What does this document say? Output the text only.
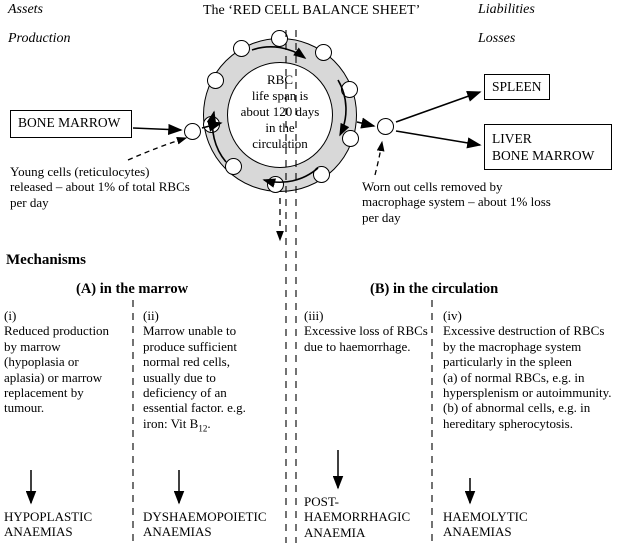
Assets
Production
Liabilities
Losses
The ‘RED CELL BALANCE SHEET’
BONE MARROW
SPLEEN
LIVER
BONE MARROW
RBC
life span is
about 120 days
in the
circulation
Young cells (reticulocytes) released – about 1% of total RBCs per day
Worn out cells removed by macrophage system – about 1% loss per day
Mechanisms
(A) in the marrow	(B) in the circulation
(i)
Reduced production by marrow (hypoplasia or aplasia) or marrow replacement by tumour.
(ii)
Marrow unable to produce sufficient normal red cells, usually due to deficiency of an essential factor. e.g. iron: Vit $B_{12}$.
(iii)
Excessive loss of RBCs due to haemorrhage.
(iv)
Excessive destruction of RBCs by the macrophage system particularly in the spleen
(a) of normal RBCs, e.g. in hypersplenism or autoimmunity.
(b) of abnormal cells, e.g. in hereditary spherocytosis.
HYPOPLASTIC ANAEMIAS
DYSHAEMOPOIETIC ANAEMIAS
POST-
HAEMORRHAGIC
ANAEMIA
HAEMOLYTIC ANAEMIAS
